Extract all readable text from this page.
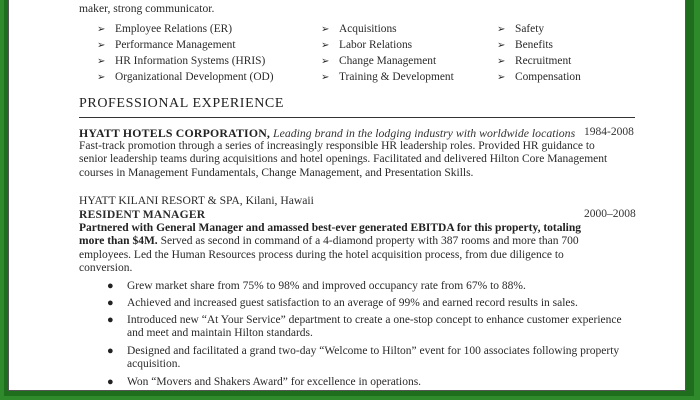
maker, strong communicator.
➢ Employee Relations (ER)
➢ Performance Management
➢ HR Information Systems (HRIS)
➢ Organizational Development (OD)
➢ Acquisitions
➢ Labor Relations
➢ Change Management
➢ Training & Development
➢ Safety
➢ Benefits
➢ Recruitment
➢ Compensation
PROFESSIONAL EXPERIENCE
HYATT HOTELS CORPORATION, Leading brand in the lodging industry with worldwide locations 1984-2008
Fast-track promotion through a series of increasingly responsible HR leadership roles. Provided HR guidance to
senior leadership teams during acquisitions and hotel openings. Facilitated and delivered Hilton Core Management
courses in Management Fundamentals, Change Management, and Presentation Skills.
HYATT KILANI RESORT & SPA, Kilani, Hawaii
RESIDENT MANAGER	2000–2008
Partnered with General Manager and amassed best-ever generated EBITDA for this property, totaling
more than $4M. Served as second in command of a 4-diamond property with 387 rooms and more than 700
employees. Led the Human Resources process during the hotel acquisition process, from due diligence to
conversion.
●	Grew market share from 75% to 98% and improved occupancy rate from 67% to 88%.
●	Achieved and increased guest satisfaction to an average of 99% and earned record results in sales.
●	Introduced new “At Your Service” department to create a one-stop concept to enhance customer experience and meet and maintain Hilton standards.
●	Designed and facilitated a grand two-day “Welcome to Hilton” event for 100 associates following property acquisition.
●	Won “Movers and Shakers Award” for excellence in operations.
